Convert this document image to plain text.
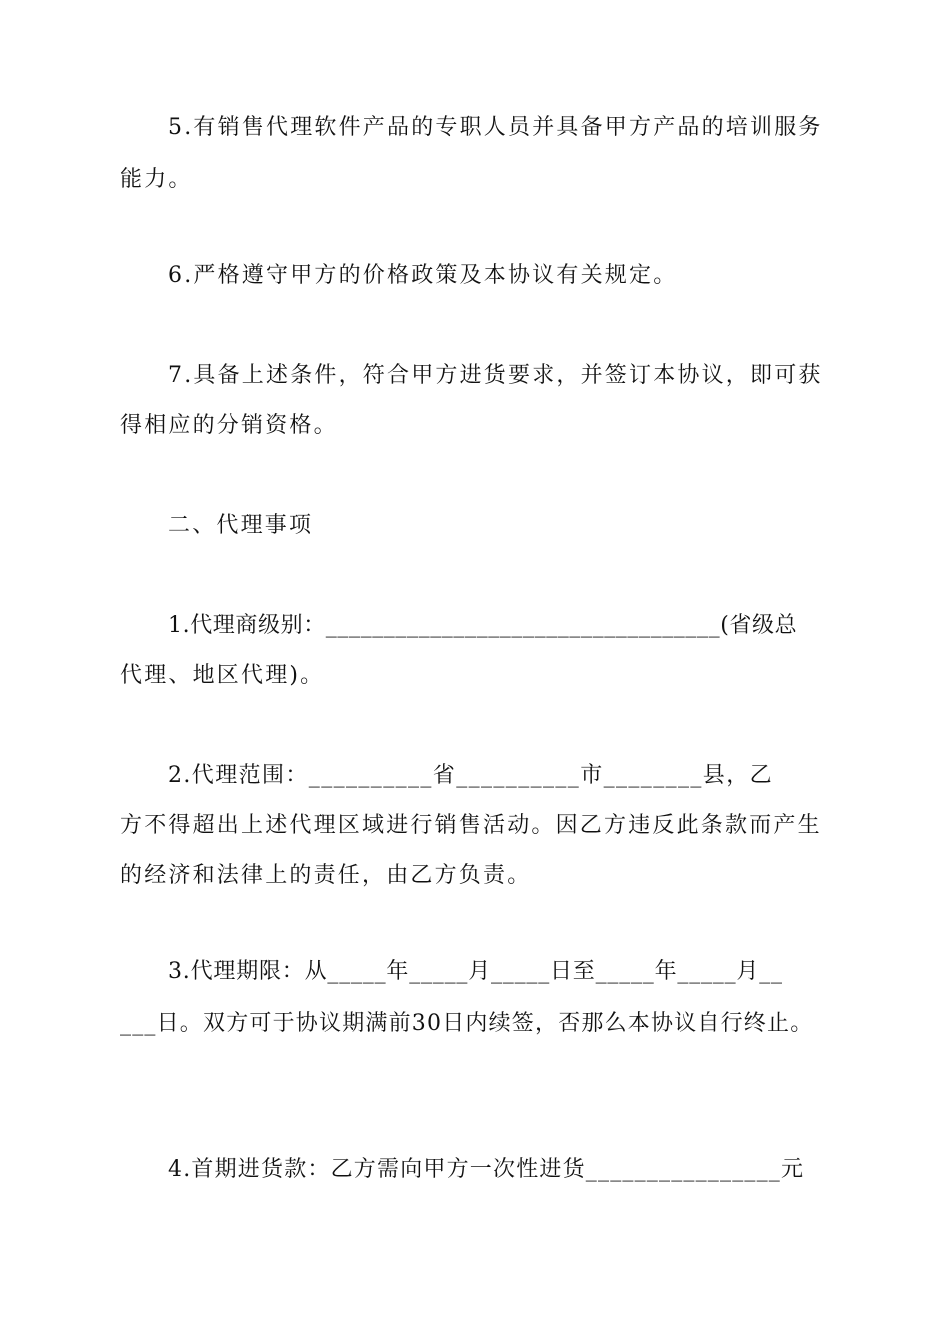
5.有销售代理软件产品的专职人员并具备甲方产品的培训服务
能力。
6.严格遵守甲方的价格政策及本协议有关规定。
7.具备上述条件，符合甲方进货要求，并签订本协议，即可获
得相应的分销资格。
二、代理事项
1.代理商级别：__________________________________(省级总
代理、地区代理)。
2.代理范围：__________省__________市________县，乙
方不得超出上述代理区域进行销售活动。因乙方违反此条款而产生
的经济和法律上的责任，由乙方负责。
3.代理期限：从_____年_____月_____日至_____年_____月__
___日。双方可于协议期满前30日内续签，否那么本协议自行终止。
4.首期进货款：乙方需向甲方一次性进货________________元
